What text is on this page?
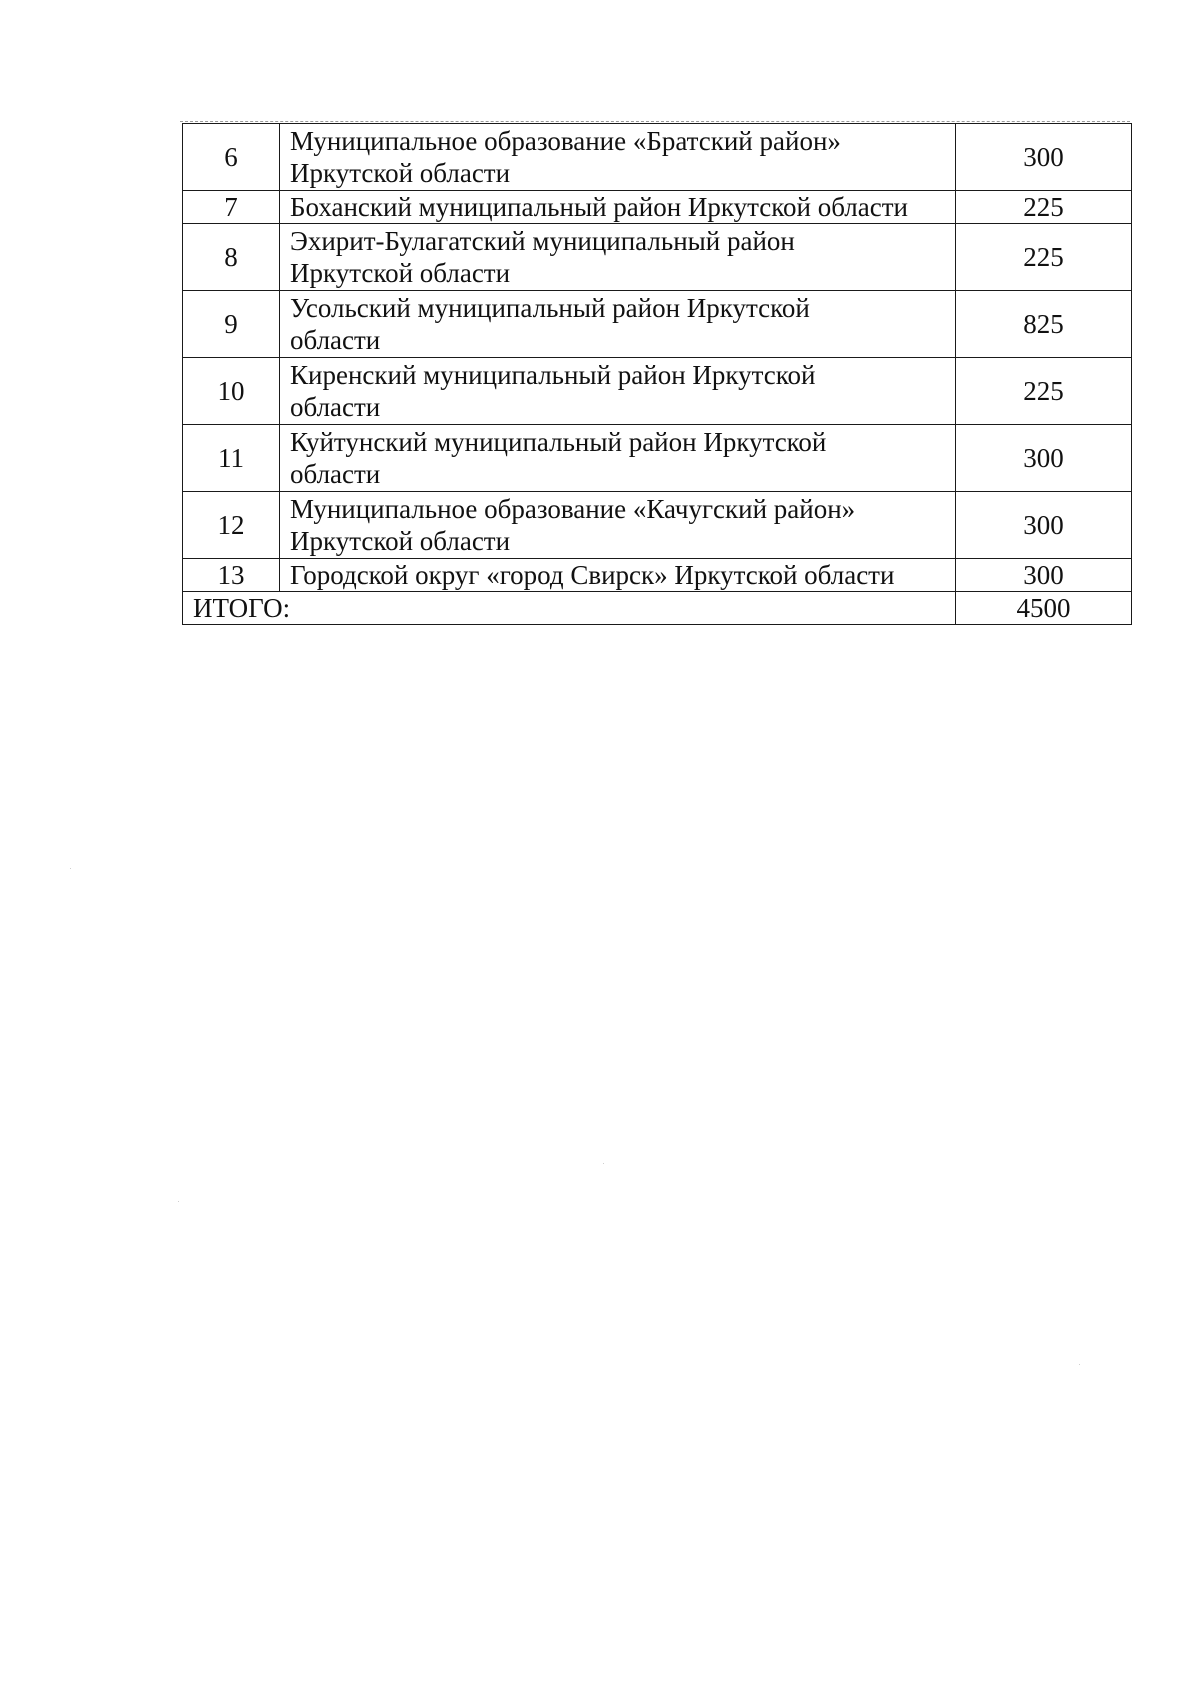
6	Муниципальное образование «Братский район»
Иркутской области	300
7	Боханский муниципальный район Иркутской области	225
8	Эхирит-Булагатский муниципальный район
Иркутской области	225
9	Усольский муниципальный район Иркутской
области	825
10	Киренский муниципальный район Иркутской
области	225
11	Куйтунский муниципальный район Иркутской
области	300
12	Муниципальное образование «Качугский район»
Иркутской области	300
13	Городской округ «город Свирск» Иркутской области	300
ИТОГО:		4500
